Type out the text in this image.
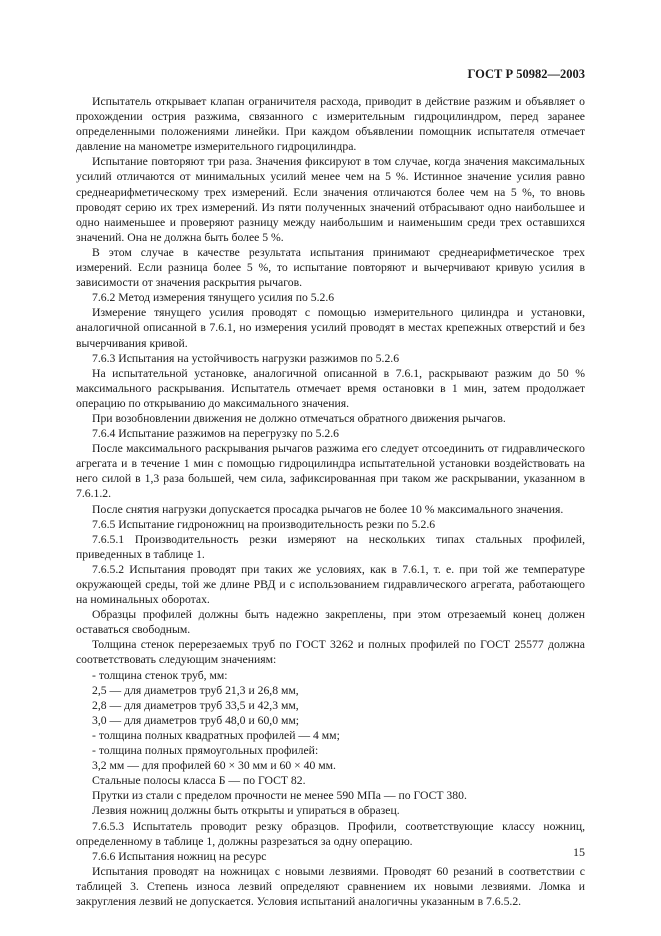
ГОСТ Р 50982—2003

Испытатель открывает клапан ограничителя расхода, приводит в действие разжим и объявляет о прохождении острия разжима, связанного с измерительным гидроцилиндром, перед заранее определенными положениями линейки. При каждом объявлении помощник испытателя отмечает давление на манометре измерительного гидроцилиндра.

Испытание повторяют три раза. Значения фиксируют в том случае, когда значения максимальных усилий отличаются от минимальных усилий менее чем на 5 %. Истинное значение усилия равно среднеарифметическому трех измерений. Если значения отличаются более чем на 5 %, то вновь проводят серию их трех измерений. Из пяти полученных значений отбрасывают одно наибольшее и одно наименьшее и проверяют разницу между наибольшим и наименьшим среди трех оставшихся значений. Она не должна быть более 5 %.

В этом случае в качестве результата испытания принимают среднеарифметическое трех измерений. Если разница более 5 %, то испытание повторяют и вычерчивают кривую усилия в зависимости от значения раскрытия рычагов.

7.6.2 Метод измерения тянущего усилия по 5.2.6

Измерение тянущего усилия проводят с помощью измерительного цилиндра и установки, аналогичной описанной в 7.6.1, но измерения усилий проводят в местах крепежных отверстий и без вычерчивания кривой.

7.6.3 Испытания на устойчивость нагрузки разжимов по 5.2.6

На испытательной установке, аналогичной описанной в 7.6.1, раскрывают разжим до 50 % максимального раскрывания. Испытатель отмечает время остановки в 1 мин, затем продолжает операцию по открыванию до максимального значения.

При возобновлении движения не должно отмечаться обратного движения рычагов.

7.6.4 Испытание разжимов на перегрузку по 5.2.6

После максимального раскрывания рычагов разжима его следует отсоединить от гидравлического агрегата и в течение 1 мин с помощью гидроцилиндра испытательной установки воздействовать на него силой в 1,3 раза большей, чем сила, зафиксированная при таком же раскрывании, указанном в 7.6.1.2.

После снятия нагрузки допускается просадка рычагов не более 10 % максимального значения.

7.6.5 Испытание гидроножниц на производительность резки по 5.2.6

7.6.5.1 Производительность резки измеряют на нескольких типах стальных профилей, приведенных в таблице 1.

7.6.5.2 Испытания проводят при таких же условиях, как в 7.6.1, т. е. при той же температуре окружающей среды, той же длине РВД и с использованием гидравлического агрегата, работающего на номинальных оборотах.

Образцы профилей должны быть надежно закреплены, при этом отрезаемый конец должен оставаться свободным.

Толщина стенок перерезаемых труб по ГОСТ 3262 и полных профилей по ГОСТ 25577 должна соответствовать следующим значениям:

- толщина стенок труб, мм:

2,5 — для диаметров труб 21,3 и 26,8 мм,

2,8 — для диаметров труб 33,5 и 42,3 мм,

3,0 — для диаметров труб 48,0 и 60,0 мм;

- толщина полных квадратных профилей — 4 мм;

- толщина полных прямоугольных профилей:

3,2 мм — для профилей 60 × 30 мм и 60 × 40 мм.

Стальные полосы класса Б — по ГОСТ 82.

Прутки из стали с пределом прочности не менее 590 МПа — по ГОСТ 380.

Лезвия ножниц должны быть открыты и упираться в образец.

7.6.5.3 Испытатель проводит резку образцов. Профили, соответствующие классу ножниц, определенному в таблице 1, должны разрезаться за одну операцию.

7.6.6 Испытания ножниц на ресурс

Испытания проводят на ножницах с новыми лезвиями. Проводят 60 резаний в соответствии с таблицей 3. Степень износа лезвий определяют сравнением их новыми лезвиями. Ломка и закругления лезвий не допускается. Условия испытаний аналогичны указанным в 7.6.5.2.

15
